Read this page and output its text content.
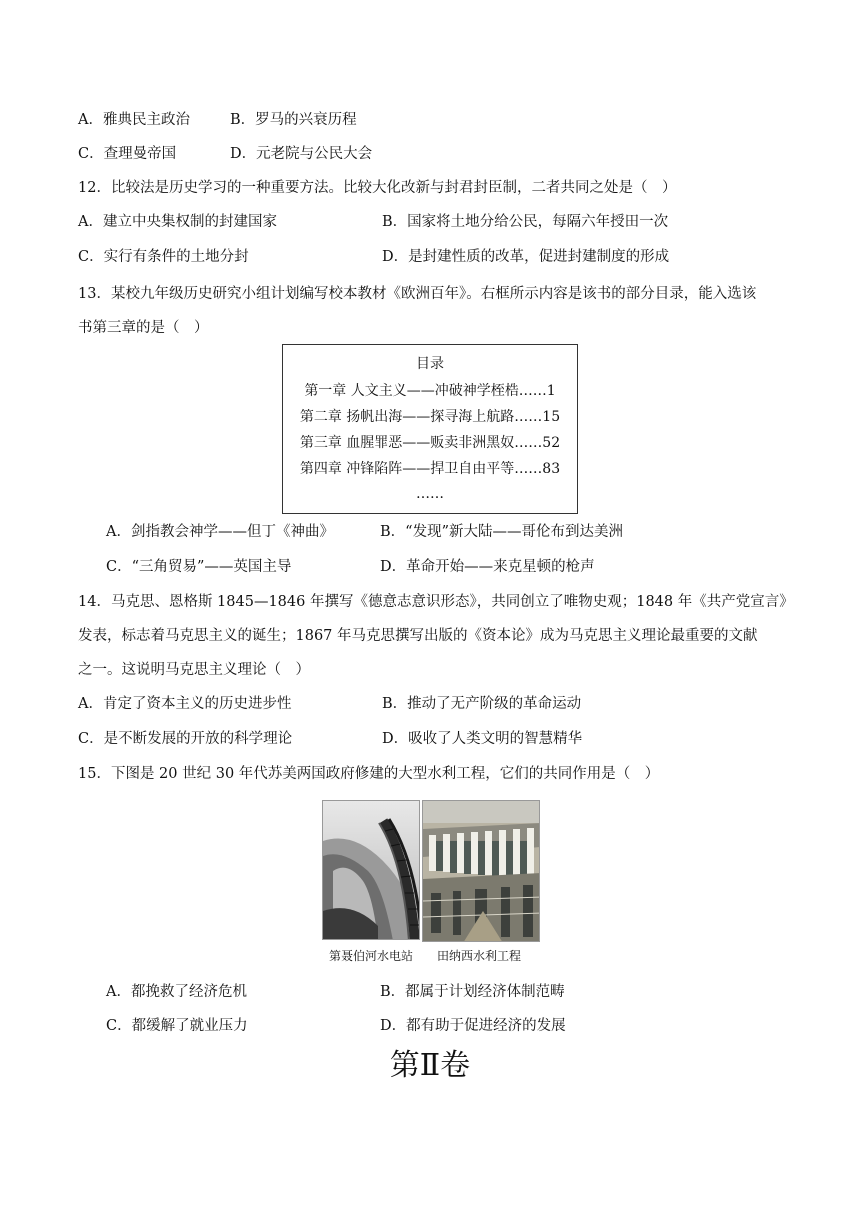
A．雅典民主政治	B．罗马的兴衰历程
C．查理曼帝国	D．元老院与公民大会
12．比较法是历史学习的一种重要方法。比较大化改新与封君封臣制，二者共同之处是（　）
A．建立中央集权制的封建国家	B．国家将土地分给公民，每隔六年授田一次
C．实行有条件的土地分封	D．是封建性质的改革，促进封建制度的形成
13．某校九年级历史研究小组计划编写校本教材《欧洲百年》。右框所示内容是该书的部分目录，能入选该
书第三章的是（　）
目录
第一章 人文主义——冲破神学桎梏……1
第二章 扬帆出海——探寻海上航路……15
第三章 血腥罪恶——贩卖非洲黑奴……52
第四章 冲锋陷阵——捍卫自由平等……83
……
A．剑指教会神学——但丁《神曲》	B．“发现”新大陆——哥伦布到达美洲
C．“三角贸易”——英国主导	D．革命开始——来克星顿的枪声
14．马克思、恩格斯 1845—1846 年撰写《德意志意识形态》，共同创立了唯物史观；1848 年《共产党宣言》
发表，标志着马克思主义的诞生；1867 年马克思撰写出版的《资本论》成为马克思主义理论最重要的文献
之一。这说明马克思主义理论（　）
A．肯定了资本主义的历史进步性	B．推动了无产阶级的革命运动
C．是不断发展的开放的科学理论	D．吸收了人类文明的智慧精华
15．下图是 20 世纪 30 年代苏美两国政府修建的大型水利工程，它们的共同作用是（　）
第聂伯河水电站 田纳西水利工程
A．都挽救了经济危机	B．都属于计划经济体制范畴
C．都缓解了就业压力	D．都有助于促进经济的发展
第Ⅱ卷
